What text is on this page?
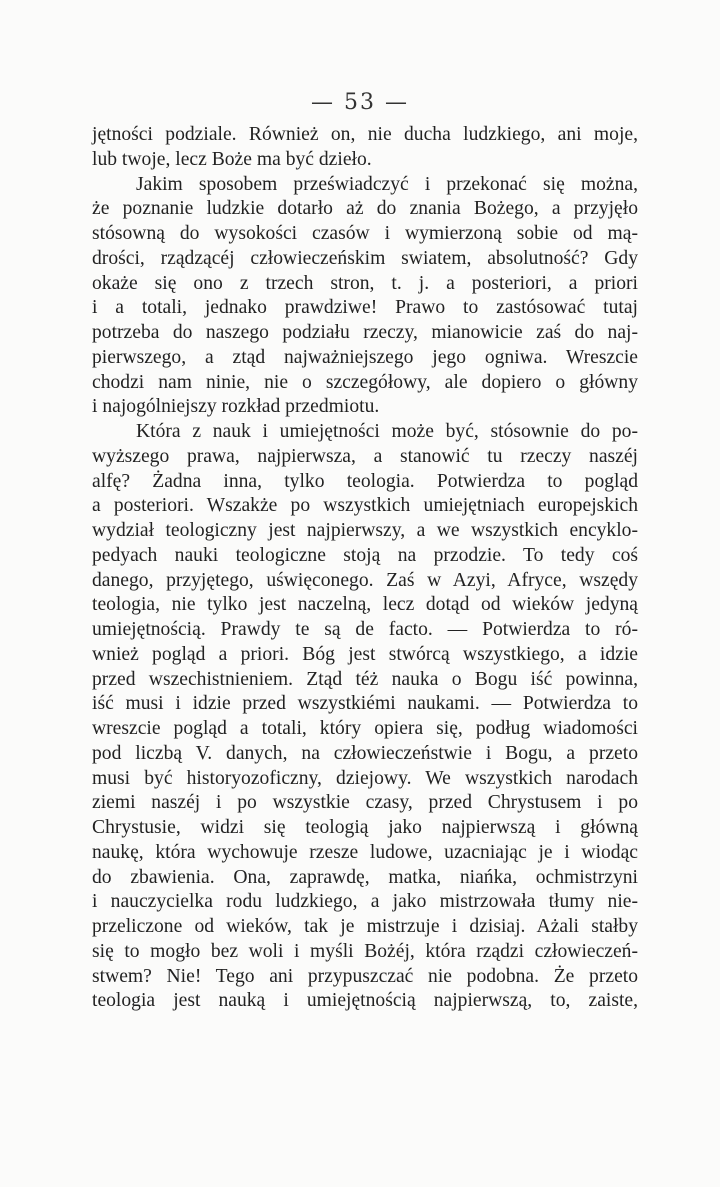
— 53 —
jętności podziale. Również on, nie ducha ludzkiego, ani moje,
lub twoje, lecz Boże ma być dzieło.
Jakim sposobem przeświadczyć i przekonać się można,
że poznanie ludzkie dotarło aż do znania Bożego, a przyjęło
stósowną do wysokości czasów i wymierzoną sobie od mą-
drości, rządzącéj człowieczeńskim swiatem, absolutność? Gdy
okaże się ono z trzech stron, t. j. a posteriori, a priori
i a totali, jednako prawdziwe! Prawo to zastósować tutaj
potrzeba do naszego podziału rzeczy, mianowicie zaś do naj-
pierwszego, a ztąd najważniejszego jego ogniwa. Wreszcie
chodzi nam ninie, nie o szczegółowy, ale dopiero o główny
i najogólniejszy rozkład przedmiotu.
Która z nauk i umiejętności może być, stósownie do po-
wyższego prawa, najpierwsza, a stanowić tu rzeczy naszéj
alfę? Żadna inna, tylko teologia. Potwierdza to pogląd
a posteriori. Wszakże po wszystkich umiejętniach europejskich
wydział teologiczny jest najpierwszy, a we wszystkich encyklo-
pedyach nauki teologiczne stoją na przodzie. To tedy coś
danego, przyjętego, uświęconego. Zaś w Azyi, Afryce, wszędy
teologia, nie tylko jest naczelną, lecz dotąd od wieków jedyną
umiejętnością. Prawdy te są de facto. — Potwierdza to ró-
wnież pogląd a priori. Bóg jest stwórcą wszystkiego, a idzie
przed wszechistnieniem. Ztąd téż nauka o Bogu iść powinna,
iść musi i idzie przed wszystkiémi naukami. — Potwierdza to
wreszcie pogląd a totali, który opiera się, podług wiadomości
pod liczbą V. danych, na człowieczeństwie i Bogu, a przeto
musi być historyozoficzny, dziejowy. We wszystkich narodach
ziemi naszéj i po wszystkie czasy, przed Chrystusem i po
Chrystusie, widzi się teologią jako najpierwszą i główną
naukę, która wychowuje rzesze ludowe, uzacniając je i wiodąc
do zbawienia. Ona, zaprawdę, matka, niańka, ochmistrzyni
i nauczycielka rodu ludzkiego, a jako mistrzowała tłumy nie-
przeliczone od wieków, tak je mistrzuje i dzisiaj. Ażali stałby
się to mogło bez woli i myśli Bożéj, która rządzi człowieczeń-
stwem? Nie! Tego ani przypuszczać nie podobna. Że przeto
teologia jest nauką i umiejętnością najpierwszą, to, zaiste,
